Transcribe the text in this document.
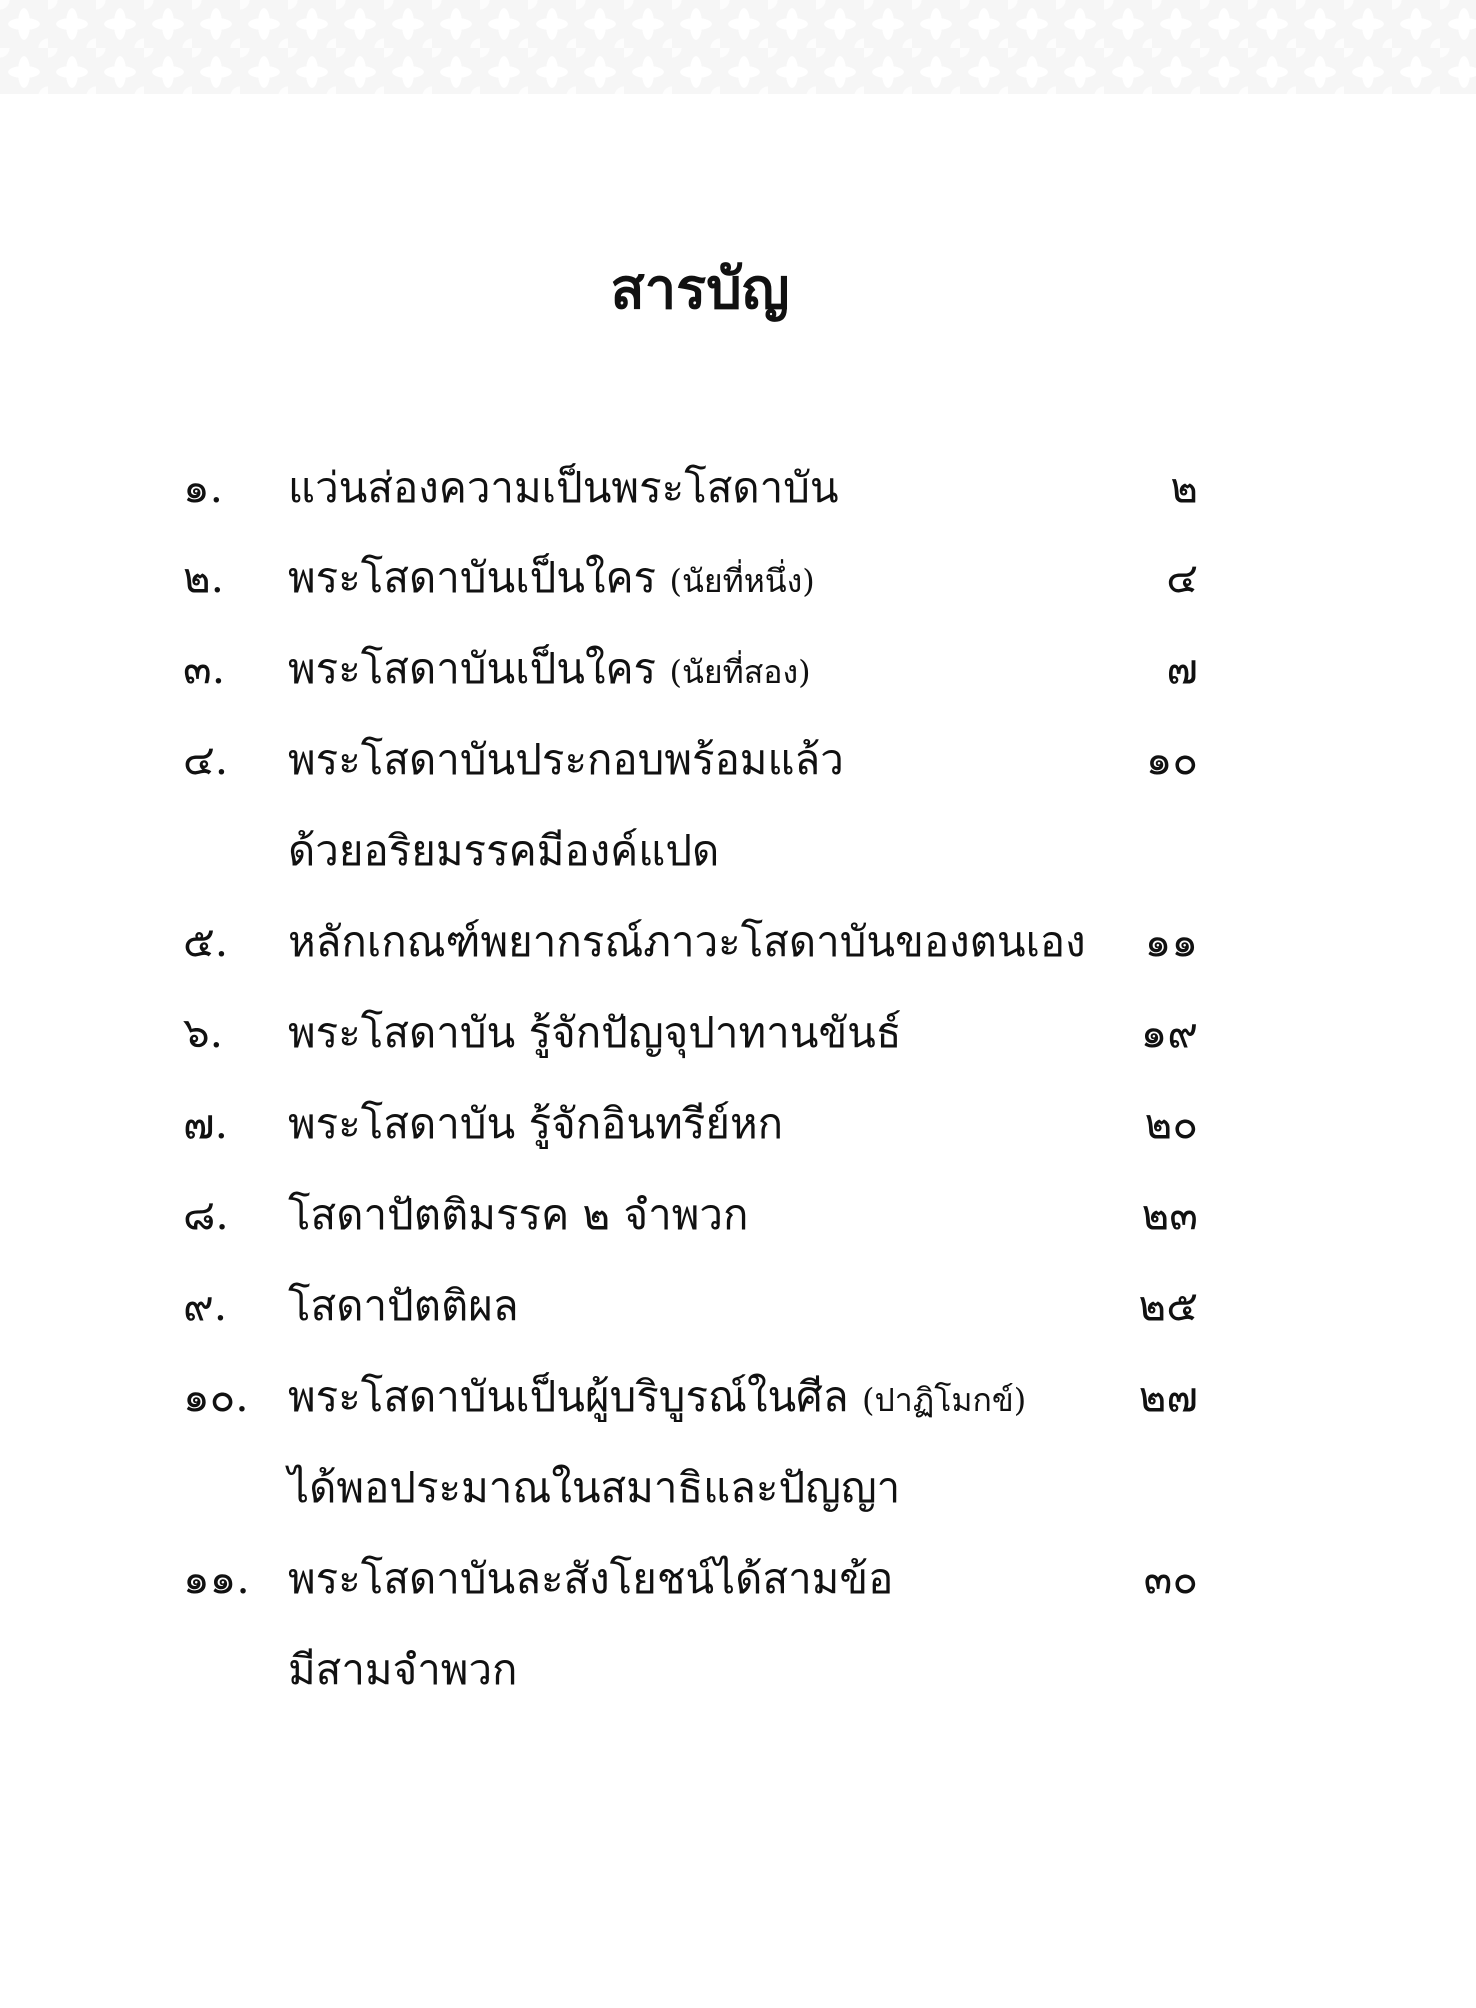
สารบัญ
๑. แว่นส่องความเป็นพระโสดาบัน	๒
๒. พระโสดาบันเป็นใคร (นัยที่หนึ่ง)	๔
๓. พระโสดาบันเป็นใคร (นัยที่สอง)	๗
๔. พระโสดาบันประกอบพร้อมแล้ว	๑๐
ด้วยอริยมรรคมีองค์แปด
๕. หลักเกณฑ์พยากรณ์ภาวะโสดาบันของตนเอง ๑๑
๖. พระโสดาบัน รู้จักปัญจุปาทานขันธ์	๑๙
๗. พระโสดาบัน รู้จักอินทรีย์หก	๒๐
๘. โสดาปัตติมรรค ๒ จำพวก	๒๓
๙. โสดาปัตติผล	๒๕
๑๐. พระโสดาบันเป็นผู้บริบูรณ์ในศีล (ปาฏิโมกข์)	๒๗
ได้พอประมาณในสมาธิและปัญญา
๑๑. พระโสดาบันละสังโยชน์ได้สามข้อ	๓๐
มีสามจำพวก
